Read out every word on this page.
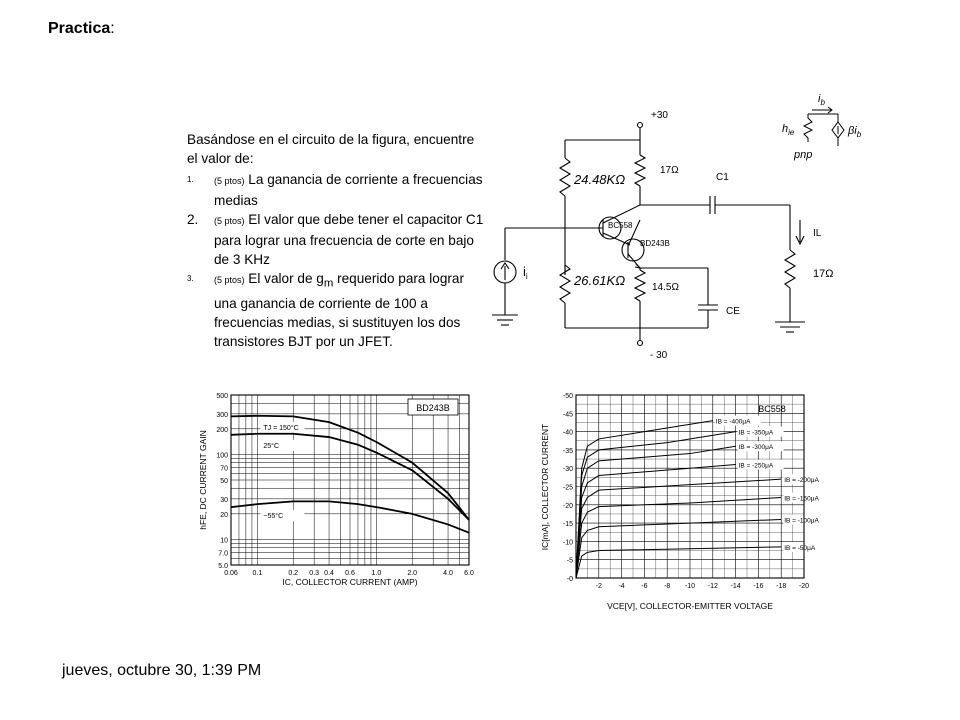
Practica:

Basándose en el circuito de la figura, encuentre el valor de:

1. (5 ptos) La ganancia de corriente a frecuencias medias
2. (5 ptos) El valor que debe tener el capacitor C1 para lograr una frecuencia de corte en bajo de 3 KHz
3. (5 ptos) El valor de $g_m$ requerido para lograr una ganancia de corriente de 100 a frecuencias medias, si sustituyen los dos transistores BJT por un JFET.
+30
24.48KΩ
17Ω
C1
IL
17Ω
BC558
BD243B
14.5Ω
CE
26.61KΩ
- 30
$i_i$
$i_b$
$h_{ie}$	$\beta i_b$
pnp
TJ = 150°C
25°C
−55°C
0.06 0.1	0.2 0.3 0.4 0.6 1.0	2.0	4.0 6.0
500
300
200
100
70
50
30
20
10
7.0
5.0
BD243B
IC, COLLECTOR CURRENT (AMP)
hFE, DC CURRENT GAIN
IB = -400μA
IB = -350μA
IB = -300μA
IB = -250μA
IB = -200μA
IB = -150μA
IB = -100μA
IB = -50μA
-2 -4 -6 -8 -10 -12 -14 -16 -18 -20
-50
-45
-40
-35
-30
-25
-20
-15
-10
-5
-0
BC558
VCE[V], COLLECTOR-EMITTER VOLTAGE
IC[mA], COLLECTOR CURRENT
jueves, octubre 30, 1:39 PM
